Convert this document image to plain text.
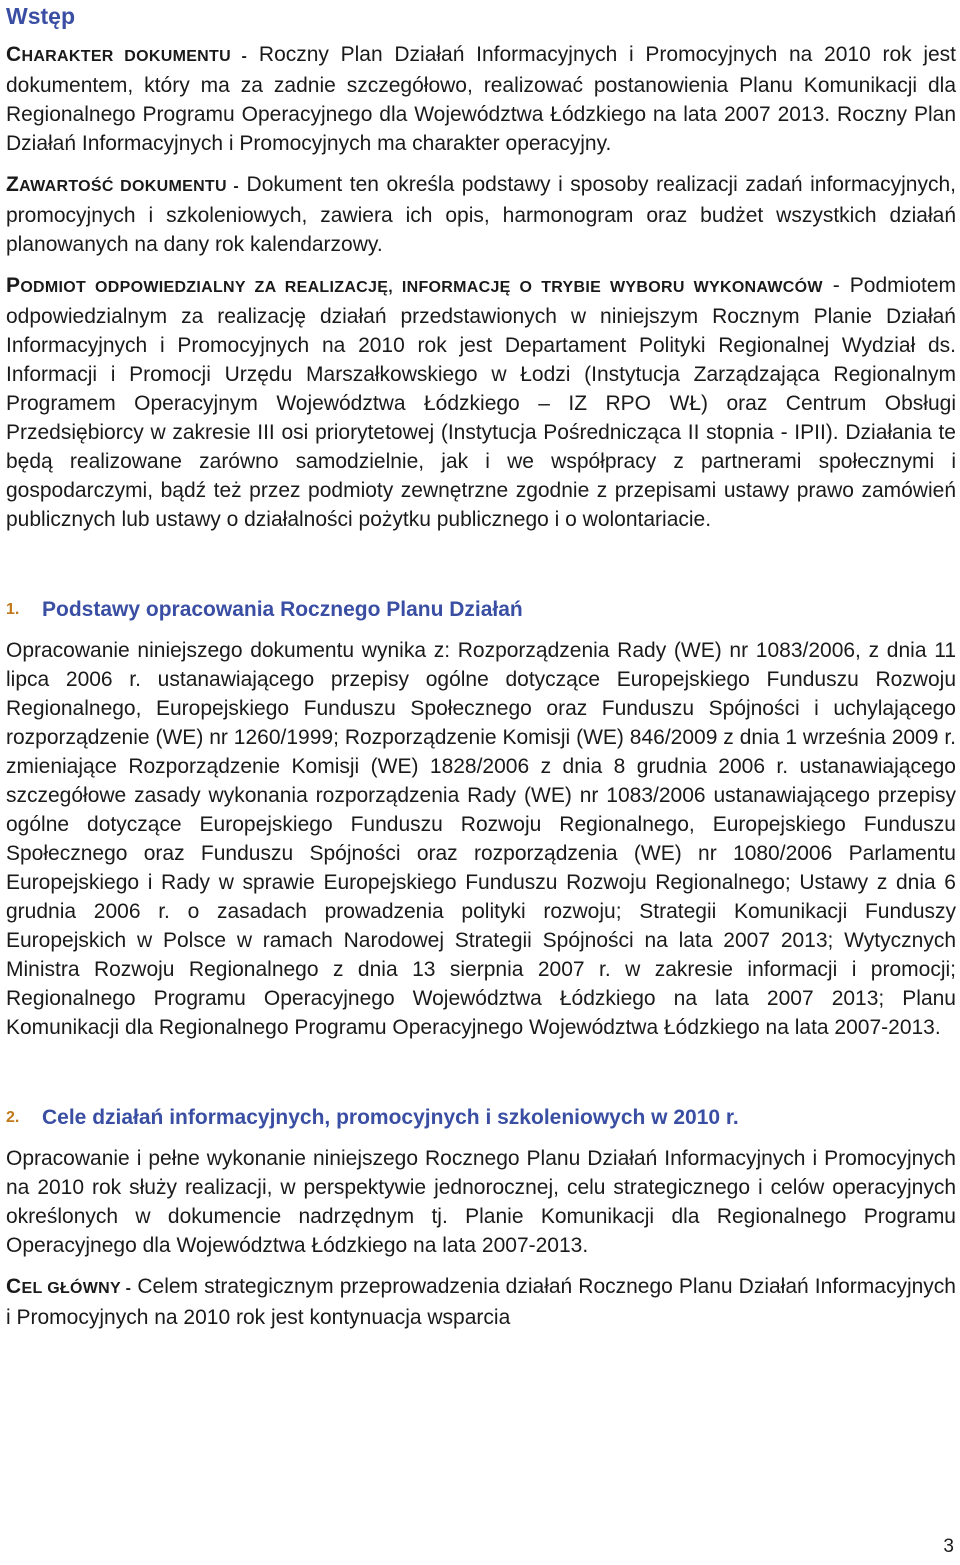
Wstęp

CHARAKTER DOKUMENTU - Roczny Plan Działań Informacyjnych i Promocyjnych na 2010 rok jest dokumentem, który ma za zadnie szczegółowo, realizować postanowienia Planu Komunikacji dla Regionalnego Programu Operacyjnego dla Województwa Łódzkiego na lata 2007 2013. Roczny Plan Działań Informacyjnych i Promocyjnych ma charakter operacyjny.

ZAWARTOŚĆ DOKUMENTU - Dokument ten określa podstawy i sposoby realizacji zadań informacyjnych, promocyjnych i szkoleniowych, zawiera ich opis, harmonogram oraz budżet wszystkich działań planowanych na dany rok kalendarzowy.

PODMIOT ODPOWIEDZIALNY ZA REALIZACJĘ, INFORMACJĘ O TRYBIE WYBORU WYKONAWCÓW - Podmiotem odpowiedzialnym za realizację działań przedstawionych w niniejszym Rocznym Planie Działań Informacyjnych i Promocyjnych na 2010 rok jest Departament Polityki Regionalnej Wydział ds. Informacji i Promocji Urzędu Marszałkowskiego w Łodzi (Instytucja Zarządzająca Regionalnym Programem Operacyjnym Województwa Łódzkiego – IZ RPO WŁ) oraz Centrum Obsługi Przedsiębiorcy w zakresie III osi priorytetowej (Instytucja Pośrednicząca II stopnia - IPII). Działania te będą realizowane zarówno samodzielnie, jak i we współpracy z partnerami społecznymi i gospodarczymi, bądź też przez podmioty zewnętrzne zgodnie z przepisami ustawy prawo zamówień publicznych lub ustawy o działalności pożytku publicznego i o wolontariacie.

1.	Podstawy opracowania Rocznego Planu Działań

Opracowanie niniejszego dokumentu wynika z: Rozporządzenia Rady (WE) nr 1083/2006, z dnia 11 lipca 2006 r. ustanawiającego przepisy ogólne dotyczące Europejskiego Funduszu Rozwoju Regionalnego, Europejskiego Funduszu Społecznego oraz Funduszu Spójności i uchylającego rozporządzenie (WE) nr 1260/1999; Rozporządzenie Komisji (WE) 846/2009 z dnia 1 września 2009 r. zmieniające Rozporządzenie Komisji (WE) 1828/2006 z dnia 8 grudnia 2006 r. ustanawiającego szczegółowe zasady wykonania rozporządzenia Rady (WE) nr 1083/2006 ustanawiającego przepisy ogólne dotyczące Europejskiego Funduszu Rozwoju Regionalnego, Europejskiego Funduszu Społecznego oraz Funduszu Spójności oraz rozporządzenia (WE) nr 1080/2006 Parlamentu Europejskiego i Rady w sprawie Europejskiego Funduszu Rozwoju Regionalnego; Ustawy z dnia 6 grudnia 2006 r. o zasadach prowadzenia polityki rozwoju; Strategii Komunikacji Funduszy Europejskich w Polsce w ramach Narodowej Strategii Spójności na lata 2007 2013; Wytycznych Ministra Rozwoju Regionalnego z dnia 13 sierpnia 2007 r. w zakresie informacji i promocji; Regionalnego Programu Operacyjnego Województwa Łódzkiego na lata 2007 2013; Planu Komunikacji dla Regionalnego Programu Operacyjnego Województwa Łódzkiego na lata 2007-2013.

2.	Cele działań informacyjnych, promocyjnych i szkoleniowych w 2010 r.

Opracowanie i pełne wykonanie niniejszego Rocznego Planu Działań Informacyjnych i Promocyjnych na 2010 rok służy realizacji, w perspektywie jednorocznej, celu strategicznego i celów operacyjnych określonych w dokumencie nadrzędnym tj. Planie Komunikacji dla Regionalnego Programu Operacyjnego dla Województwa Łódzkiego na lata 2007-2013.

CEL GŁÓWNY - Celem strategicznym przeprowadzenia działań Rocznego Planu Działań Informacyjnych i Promocyjnych na 2010 rok jest kontynuacja wsparcia

3
